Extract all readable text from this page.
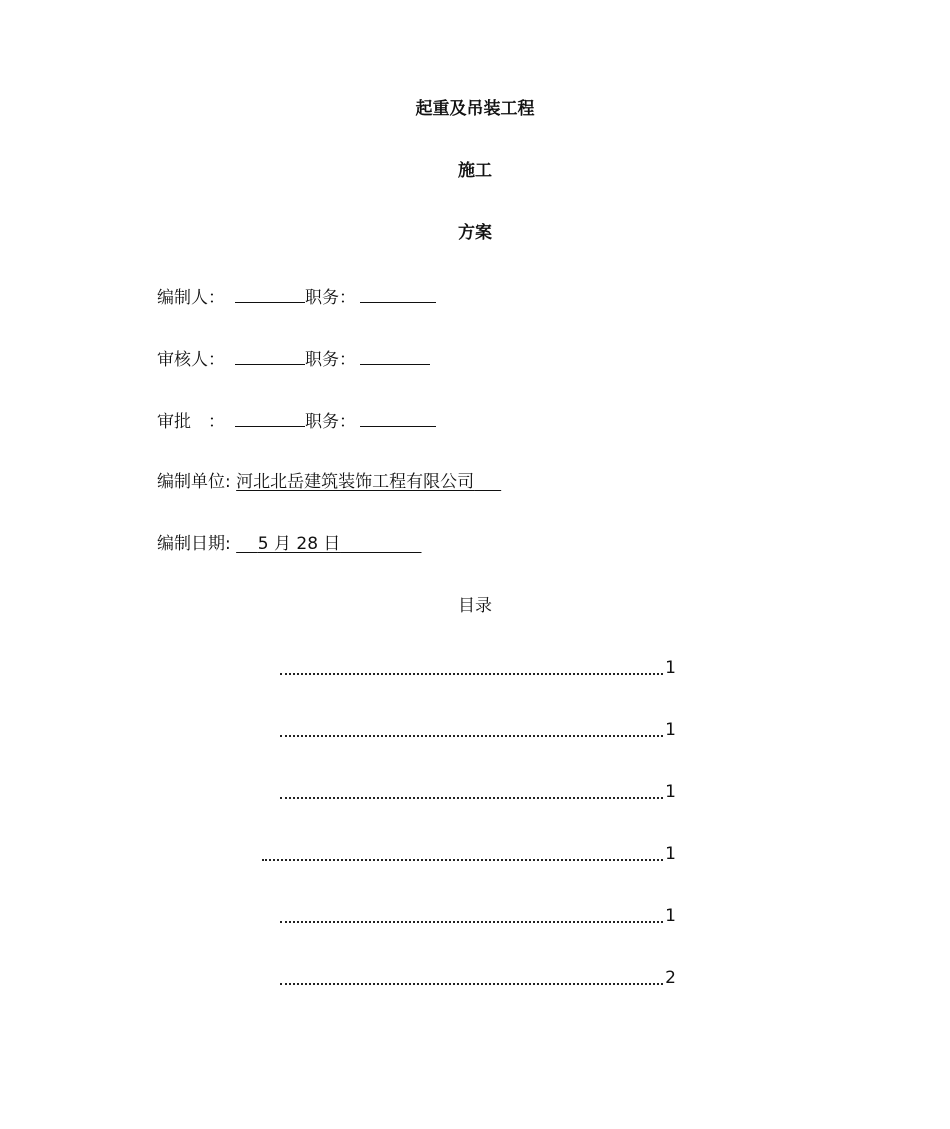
起重及吊装工程
施工
方案
编制人：	职务：
审核人：	职务：
审批　：	职务：
编制单位: 河北北岳建筑装饰工程有限公司
编制日期: 5 月 28 日
目录
1
1
1
1
1
2
